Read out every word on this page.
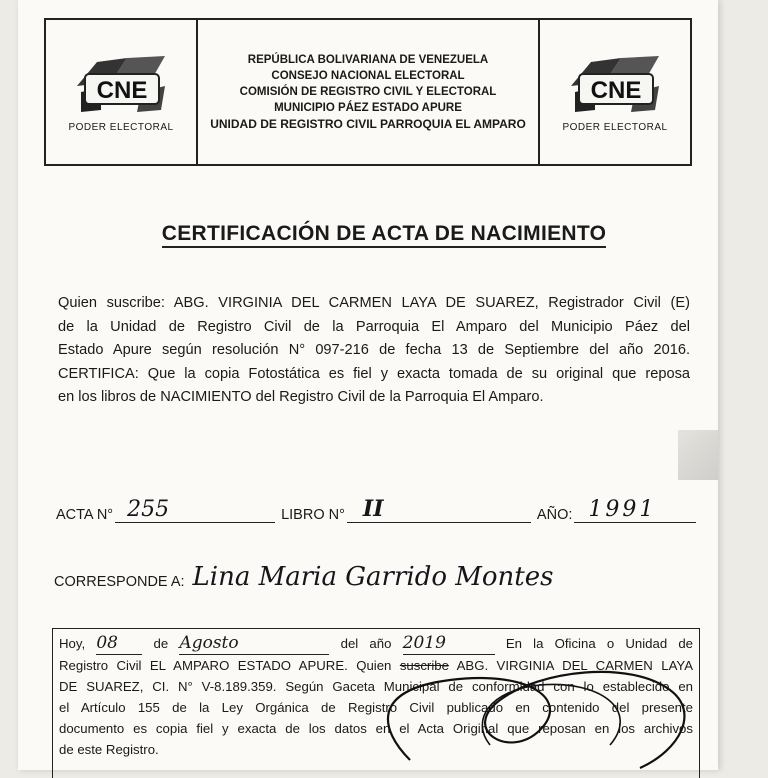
CNE
PODER ELECTORAL
REPÚBLICA BOLIVARIANA DE VENEZUELA
CONSEJO NACIONAL ELECTORAL
COMISIÓN DE REGISTRO CIVIL Y ELECTORAL
MUNICIPIO PÁEZ ESTADO APURE
UNIDAD DE REGISTRO CIVIL PARROQUIA EL AMPARO
CNE
PODER ELECTORAL
CERTIFICACIÓN DE ACTA DE NACIMIENTO
Quien suscribe: ABG. VIRGINIA DEL CARMEN LAYA DE SUAREZ, Registrador Civil (E)
de la Unidad de Registro Civil de la Parroquia El Amparo del Municipio Páez del
Estado Apure según resolución N° 097-216 de fecha 13 de Septiembre del año 2016.
CERTIFICA: Que la copia Fotostática es fiel y exacta tomada de su original que reposa
en los libros de NACIMIENTO del Registro Civil de la Parroquia El Amparo.
ACTA N° 255	LIBRO N° II	AÑO: 1991
CORRESPONDE A: Lina Maria Garrido Montes
Hoy, 08	de Agosto	del año 2019	En la Oficina o Unidad de
Registro Civil EL AMPARO ESTADO APURE. Quien suscribe ABG. VIRGINIA DEL CARMEN LAYA
DE SUAREZ, CI. N° V-8.189.359. Según Gaceta Municipal de conformidad con lo establecido en
el Artículo 155 de la Ley Orgánica de Registro Civil publicado en contenido del presente
documento es copia fiel y exacta de los datos en el Acta Original que reposan en los archivos
de este Registro.
